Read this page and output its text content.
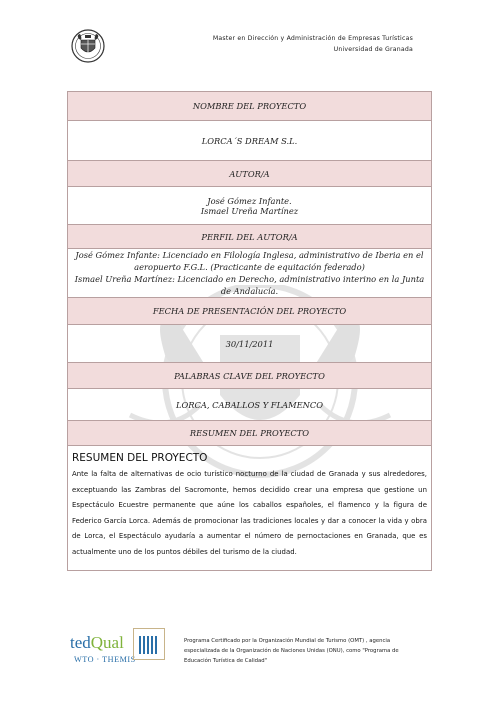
Master en Dirección y Administración de Empresas Turísticas
Universidad de Granada
NOMBRE DEL PROYECTO
LORCA´S DREAM S.L.
AUTOR/A

José Gómez Infante.
Ismael Ureña Martínez

PERFIL DEL AUTOR/A

José Gómez Infante: Licenciado en Filología Inglesa, administrativo de Iberia en el aeropuerto F.G.L. (Practicante de equitación federado)
Ismael Ureña Martínez: Licenciado en Derecho, administrativo interino en la Junta de Andalucía.

FECHA DE PRESENTACIÓN DEL PROYECTO
30/11/2011
PALABRAS CLAVE DEL PROYECTO
LORCA, CABALLOS Y FLAMENCO
RESUMEN DEL PROYECTO

RESUMEN DEL PROYECTO
Ante la falta de alternativas de ocio turístico nocturno de la ciudad de Granada y sus alrededores, exceptuando las Zambras del Sacromonte, hemos decidido crear una empresa que gestione un Espectáculo Ecuestre permanente que aúne los caballos españoles, el flamenco y la figura de Federico García Lorca. Además de promocionar las tradiciones locales y dar a conocer la vida y obra de Lorca, el Espectáculo ayudaría a aumentar el número de pernoctaciones en Granada, que es actualmente uno de los puntos débiles del turismo de la ciudad.
tedQual
WTO · THEMIS
Programa Certificado por la Organización Mundial de Turismo (OMT) , agencia especializada de la Organización de Naciones Unidas (ONU), como "Programa de Educación Turística de Calidad"
